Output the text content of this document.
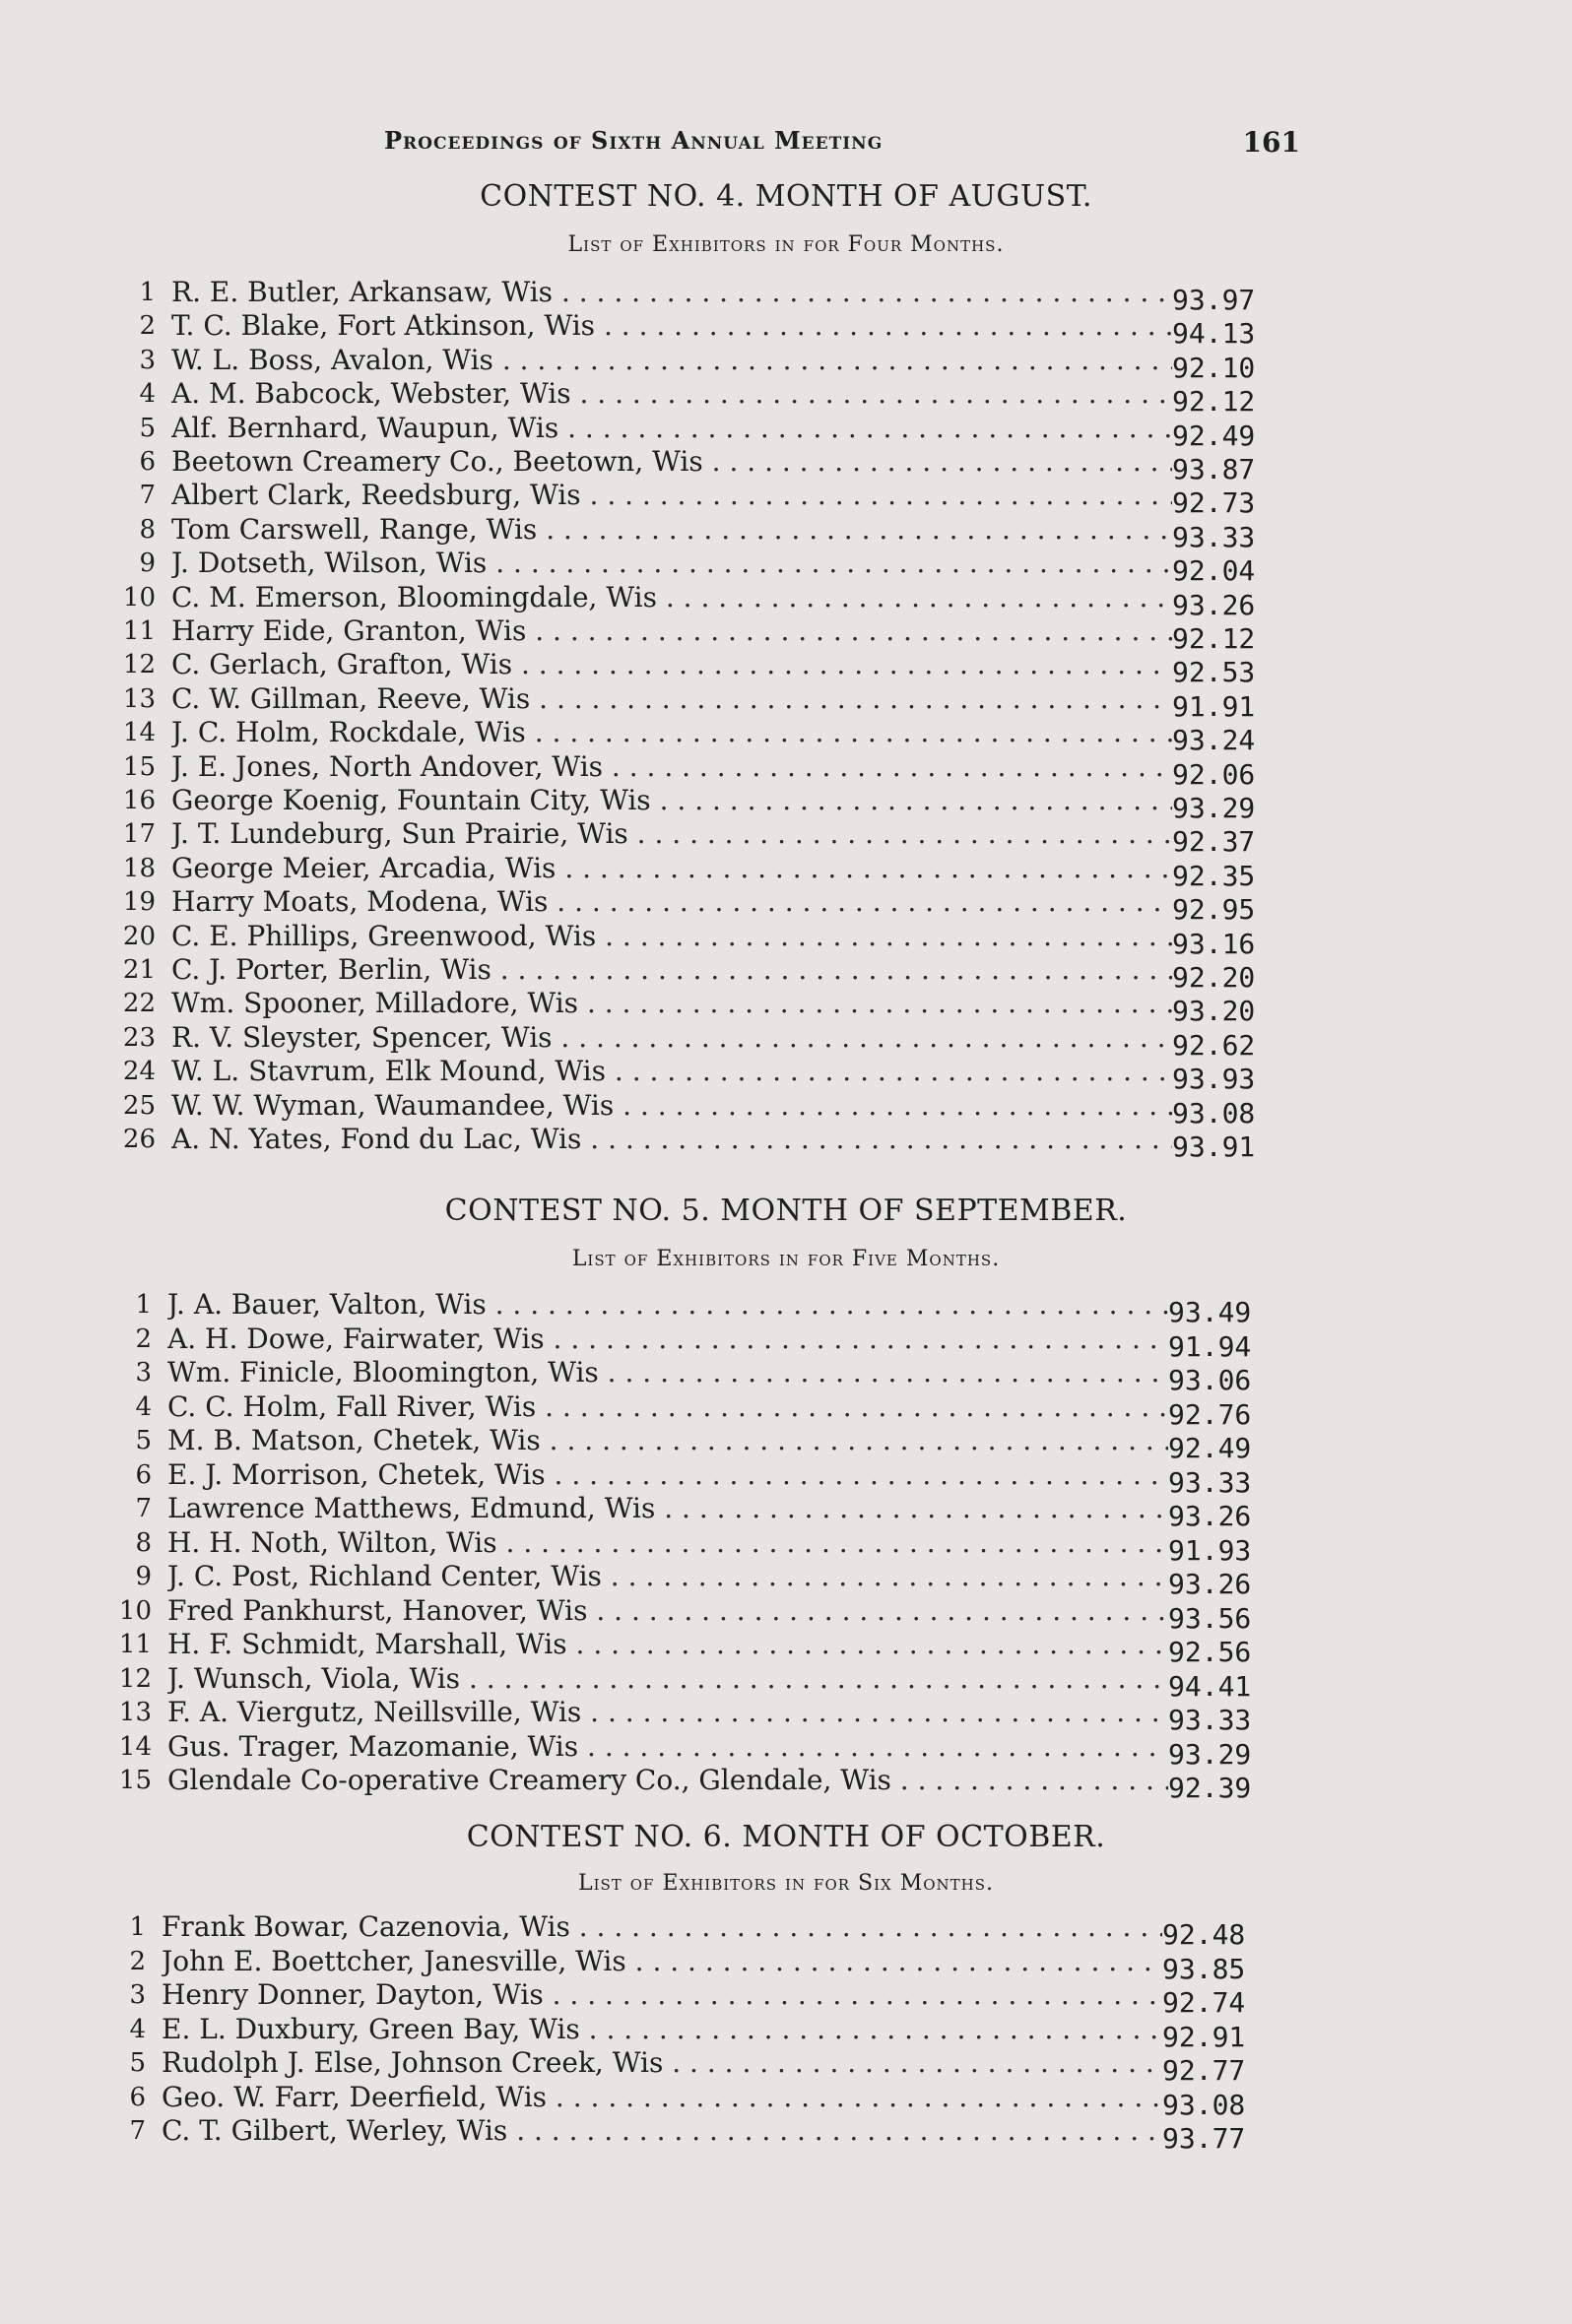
Proceedings of Sixth Annual Meeting	161
CONTEST NO. 4. MONTH OF AUGUST.
List of Exhibitors in for Four Months.
1 R. E. Butler, Arkansaw, Wis . . .	93.97
2 T. C. Blake, Fort Atkinson, Wis . . .	94.13
3 W. L. Boss, Avalon, Wis . . .	92.10
4 A. M. Babcock, Webster, Wis . . .	92.12
5 Alf. Bernhard, Waupun, Wis . . .	92.49
6 Beetown Creamery Co., Beetown, Wis . . .	93.87
7 Albert Clark, Reedsburg, Wis . . .	92.73
8 Tom Carswell, Range, Wis . . .	93.33
9 J. Dotseth, Wilson, Wis . . .	92.04
10 C. M. Emerson, Bloomingdale, Wis . . .	93.26
11 Harry Eide, Granton, Wis . . .	92.12
12 C. Gerlach, Grafton, Wis . . .	92.53
13 C. W. Gillman, Reeve, Wis . . .	91.91
14 J. C. Holm, Rockdale, Wis . . .	93.24
15 J. E. Jones, North Andover, Wis . . .	92.06
16 George Koenig, Fountain City, Wis . . .	93.29
17 J. T. Lundeburg, Sun Prairie, Wis . . .	92.37
18 George Meier, Arcadia, Wis . . .	92.35
19 Harry Moats, Modena, Wis . . .	92.95
20 C. E. Phillips, Greenwood, Wis . . .	93.16
21 C. J. Porter, Berlin, Wis . . .	92.20
22 Wm. Spooner, Milladore, Wis . . .	93.20
23 R. V. Sleyster, Spencer, Wis . . .	92.62
24 W. L. Stavrum, Elk Mound, Wis . . .	93.93
25 W. W. Wyman, Waumandee, Wis . . .	93.08
26 A. N. Yates, Fond du Lac, Wis . . .	93.91
CONTEST NO. 5. MONTH OF SEPTEMBER.
List of Exhibitors in for Five Months.
1 J. A. Bauer, Valton, Wis . . .	93.49
2 A. H. Dowe, Fairwater, Wis . . .	91.94
3 Wm. Finicle, Bloomington, Wis . . .	93.06
4 C. C. Holm, Fall River, Wis . . .	92.76
5 M. B. Matson, Chetek, Wis . . .	92.49
6 E. J. Morrison, Chetek, Wis . . .	93.33
7 Lawrence Matthews, Edmund, Wis . . .	93.26
8 H. H. Noth, Wilton, Wis . . .	91.93
9 J. C. Post, Richland Center, Wis . . .	93.26
10 Fred Pankhurst, Hanover, Wis . . .	93.56
11 H. F. Schmidt, Marshall, Wis . . .	92.56
12 J. Wunsch, Viola, Wis . . .	94.41
13 F. A. Viergutz, Neillsville, Wis . . .	93.33
14 Gus. Trager, Mazomanie, Wis . . .	93.29
15 Glendale Co-operative Creamery Co., Glendale, Wis . . .	92.39
CONTEST NO. 6. MONTH OF OCTOBER.
List of Exhibitors in for Six Months.
1 Frank Bowar, Cazenovia, Wis . . .	92.48
2 John E. Boettcher, Janesville, Wis . . .	93.85
3 Henry Donner, Dayton, Wis . . .	92.74
4 E. L. Duxbury, Green Bay, Wis . . .	92.91
5 Rudolph J. Else, Johnson Creek, Wis . . .	92.77
6 Geo. W. Farr, Deerfield, Wis . . .	93.08
7 C. T. Gilbert, Werley, Wis . . .	93.77
